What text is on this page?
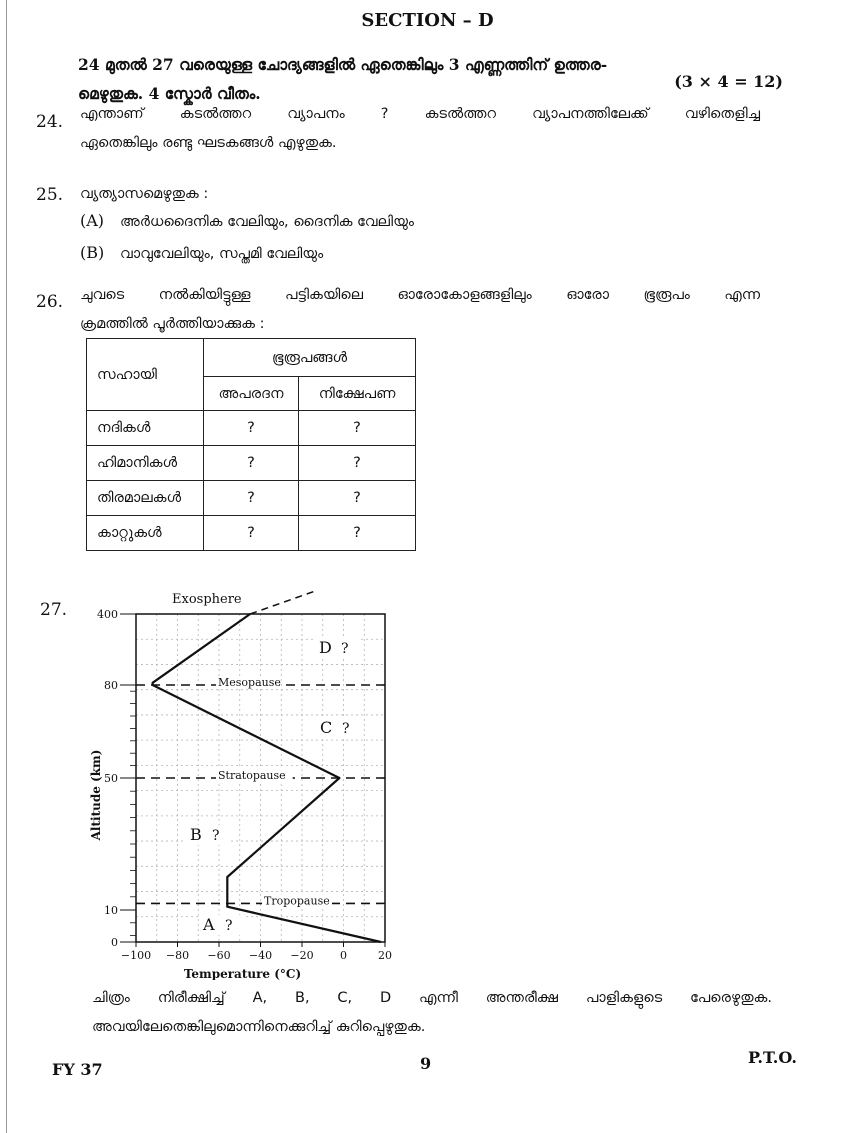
SECTION – D
24 മുതൽ 27 വരെയുള്ള ചോദ്യങ്ങളിൽ ഏതെങ്കിലും 3 എണ്ണത്തിന് ഉത്തര-
മെഴുതുക. 4 സ്കോർ വീതം.
(3 × 4 = 12)
24. എന്താണ് കടൽത്തറ വ്യാപനം ? കടൽത്തറ വ്യാപനത്തിലേക്ക് വഴിതെളിച്ച
ഏതെങ്കിലും രണ്ടു ഘടകങ്ങൾ എഴുതുക.
25. വ്യത്യാസമെഴുതുക :
(A) അർധദൈനിക വേലിയും, ദൈനിക വേലിയും
(B) വാവുവേലിയും, സപ്തമി വേലിയും
26. ചുവടെ നൽകിയിട്ടുള്ള പട്ടികയിലെ ഓരോകോളങ്ങളിലും ഓരോ ഭൂരൂപം എന്ന
ക്രമത്തിൽ പൂർത്തിയാക്കുക :
സഹായി	ഭൂരൂപങ്ങൾ	
	അപരദന	നിക്ഷേപണ
നദികൾ	?	?
ഹിമാനികൾ	?	?
തിരമാലകൾ	?	?
കാറ്റുകൾ	?	?
27.
−100 −80 −60 −40 −20 0	20
0
10
50
80
400
Tropopause
Stratopause
Mesopause
Exosphere
A ?
B ?
C ?
D ?
Temperature (°C)
Altitude (km)
ചിത്രം നിരീക്ഷിച്ച് A, B, C, D എന്നീ അന്തരീക്ഷ പാളികളുടെ പേരെഴുതുക.
അവയിലേതെങ്കിലുമൊന്നിനെക്കുറിച്ച് കുറിപ്പെഴുതുക.
FY 37	9	P.T.O.
